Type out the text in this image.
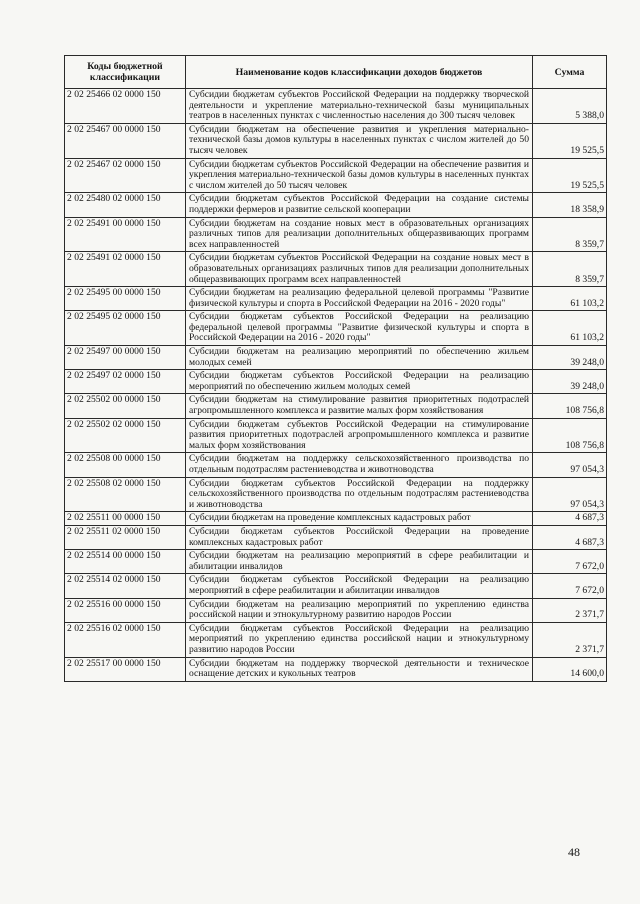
Коды бюджетной классификации	Наименование кодов классификации доходов бюджетов	Сумма
2 02 25466 02 0000 150	Субсидии бюджетам субъектов Российской Федерации на поддержку творческой деятельности и укрепление материально-технической базы муниципальных театров в населенных пунктах с численностью населения до 300 тысяч человек	5 388,0
2 02 25467 00 0000 150	Субсидии бюджетам на обеспечение развития и укрепления материально-технической базы домов культуры в населенных пунктах с числом жителей до 50 тысяч человек	19 525,5
2 02 25467 02 0000 150	Субсидии бюджетам субъектов Российской Федерации на обеспечение развития и укрепления материально-технической базы домов культуры в населенных пунктах с числом жителей до 50 тысяч человек	19 525,5
2 02 25480 02 0000 150	Субсидии бюджетам субъектов Российской Федерации на создание системы поддержки фермеров и развитие сельской кооперации	18 358,9
2 02 25491 00 0000 150	Субсидии бюджетам на создание новых мест в образовательных организациях различных типов для реализации дополнительных общеразвивающих программ всех направленностей	8 359,7
2 02 25491 02 0000 150	Субсидии бюджетам субъектов Российской Федерации на создание новых мест в образовательных организациях различных типов для реализации дополнительных общеразвивающих программ всех направленностей	8 359,7
2 02 25495 00 0000 150	Субсидии бюджетам на реализацию федеральной целевой программы "Развитие физической культуры и спорта в Российской Федерации на 2016 - 2020 годы"	61 103,2
2 02 25495 02 0000 150	Субсидии бюджетам субъектов Российской Федерации на реализацию федеральной целевой программы "Развитие физической культуры и спорта в Российской Федерации на 2016 - 2020 годы"	61 103,2
2 02 25497 00 0000 150	Субсидии бюджетам на реализацию мероприятий по обеспечению жильем молодых семей	39 248,0
2 02 25497 02 0000 150	Субсидии бюджетам субъектов Российской Федерации на реализацию мероприятий по обеспечению жильем молодых семей	39 248,0
2 02 25502 00 0000 150	Субсидии бюджетам на стимулирование развития приоритетных подотраслей агропромышленного комплекса и развитие малых форм хозяйствования	108 756,8
2 02 25502 02 0000 150	Субсидии бюджетам субъектов Российской Федерации на стимулирование развития приоритетных подотраслей агропромышленного комплекса и развитие малых форм хозяйствования	108 756,8
2 02 25508 00 0000 150	Субсидии бюджетам на поддержку сельскохозяйственного производства по отдельным подотраслям растениеводства и животноводства	97 054,3
2 02 25508 02 0000 150	Субсидии бюджетам субъектов Российской Федерации на поддержку сельскохозяйственного производства по отдельным подотраслям растениеводства и животноводства	97 054,3
2 02 25511 00 0000 150	Субсидии бюджетам на проведение комплексных кадастровых работ	4 687,3
2 02 25511 02 0000 150	Субсидии бюджетам субъектов Российской Федерации на проведение комплексных кадастровых работ	4 687,3
2 02 25514 00 0000 150	Субсидии бюджетам на реализацию мероприятий в сфере реабилитации и абилитации инвалидов	7 672,0
2 02 25514 02 0000 150	Субсидии бюджетам субъектов Российской Федерации на реализацию мероприятий в сфере реабилитации и абилитации инвалидов	7 672,0
2 02 25516 00 0000 150	Субсидии бюджетам на реализацию мероприятий по укреплению единства российской нации и этнокультурному развитию народов России	2 371,7
2 02 25516 02 0000 150	Субсидии бюджетам субъектов Российской Федерации на реализацию мероприятий по укреплению единства российской нации и этнокультурному развитию народов России	2 371,7
2 02 25517 00 0000 150	Субсидии бюджетам на поддержку творческой деятельности и техническое оснащение детских и кукольных театров	14 600,0
48
